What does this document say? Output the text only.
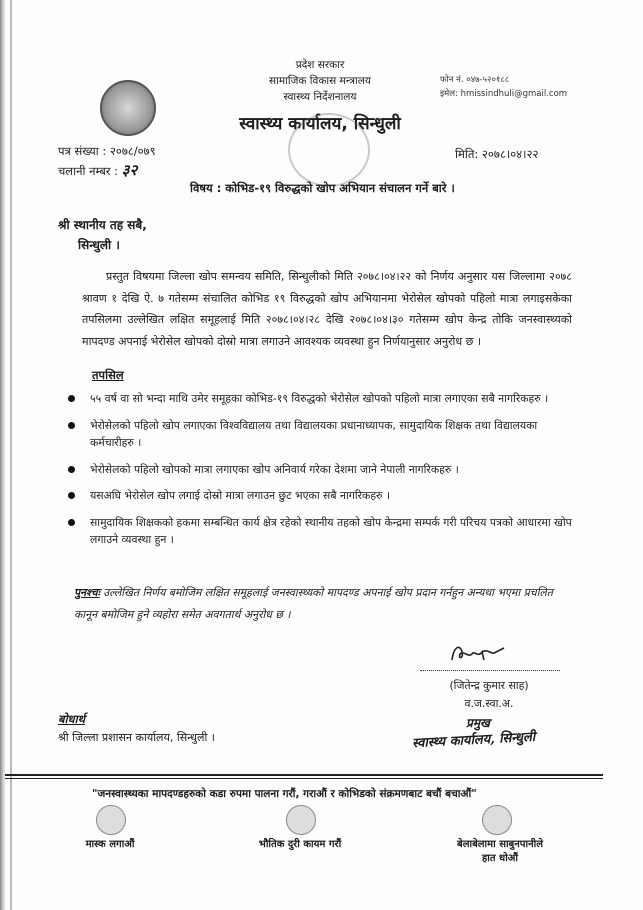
प्रदेश सरकार
सामाजिक विकास मन्त्रालय
स्वास्थ्य निर्देशनालय
स्वास्थ्य कार्यालय, सिन्धुली
फोन नं. ०४७-५२०१८८
इमेल: hmissindhuli@gmail.com
पत्र संख्या : २०७८/०७९
चलानी नम्बर : ३२
मिति: २०७८।०४।२२
विषय : कोभिड-१९ विरुद्धको खोप अभियान संचालन गर्ने बारे ।
श्री स्थानीय तह सबै,
सिन्धुली ।
प्रस्तुत विषयमा जिल्ला खोप समन्वय समिति, सिन्धुलीको मिति २०७८।०४।२२ को निर्णय अनुसार यस जिल्लामा २०७८ श्रावण १ देखि ऐ. ७ गतेसम्म संचालित कोभिड १९ विरुद्धको खोप अभियानमा भेरोसेल खोपको पहिलो मात्रा लगाइसकेका तपसिलमा उल्लेखित लक्षित समूहलाई मिति २०७८।०४।२८ देखि २०७८।०४।३० गतेसम्म खोप केन्द्र तोकि जनस्वास्थ्यको मापदण्ड अपनाई भेरोसेल खोपको दोस्रो मात्रा लगाउने आवश्यक व्यवस्था हुन निर्णयानुसार अनुरोध छ ।
तपसिल
५५ वर्ष वा सो भन्दा माथि उमेर समूहका कोभिड-१९ विरुद्धको भेरोसेल खोपको पहिलो मात्रा लगाएका सबै नागरिकहरु ।
भेरोसेलको पहिलो खोप लगाएका विश्वविद्यालय तथा विद्यालयका प्रधानाध्यापक, सामुदायिक शिक्षक तथा विद्यालयका कर्मचारीहरु ।
भेरोसेलको पहिलो खोपको मात्रा लगाएका खोप अनिवार्य गरेका देशमा जाने नेपाली नागरिकहरु ।
यसअघि भेरोसेल खोप लगाई दोस्रो मात्रा लगाउन छुट भएका सबै नागरिकहरु ।
सामुदायिक शिक्षकको हकमा सम्बन्धित कार्य क्षेत्र रहेको स्थानीय तहको खोप केन्द्रमा सम्पर्क गरी परिचय पत्रको आधारमा खोप लगाउने व्यवस्था हुन ।
पुनश्चः उल्लेखित निर्णय बमोजिम लक्षित समूहलाई जनस्वास्थ्यको मापदण्ड अपनाई खोप प्रदान गर्नहुन अन्यथा भएमा प्रचलित कानून बमोजिम हुने व्यहोरा समेत अवगतार्थ अनुरोध छ ।
(जितेन्द्र कुमार साह)
व.ज.स्वा.अ.
प्रमुख
स्वास्थ्य कार्यालय, सिन्धुली
बोधार्थ
श्री जिल्ला प्रशासन कार्यालय, सिन्धुली ।
"जनस्वास्थ्यका मापदण्डहरुको कडा रुपमा पालना गरौं, गराऔं र कोभिडको संक्रमणबाट बचौं बचाऔं"
मास्क लगाऔं	भौतिक दुरी कायम गरौं	बेलाबेलामा साबुनपानीले
हात धोऔं
